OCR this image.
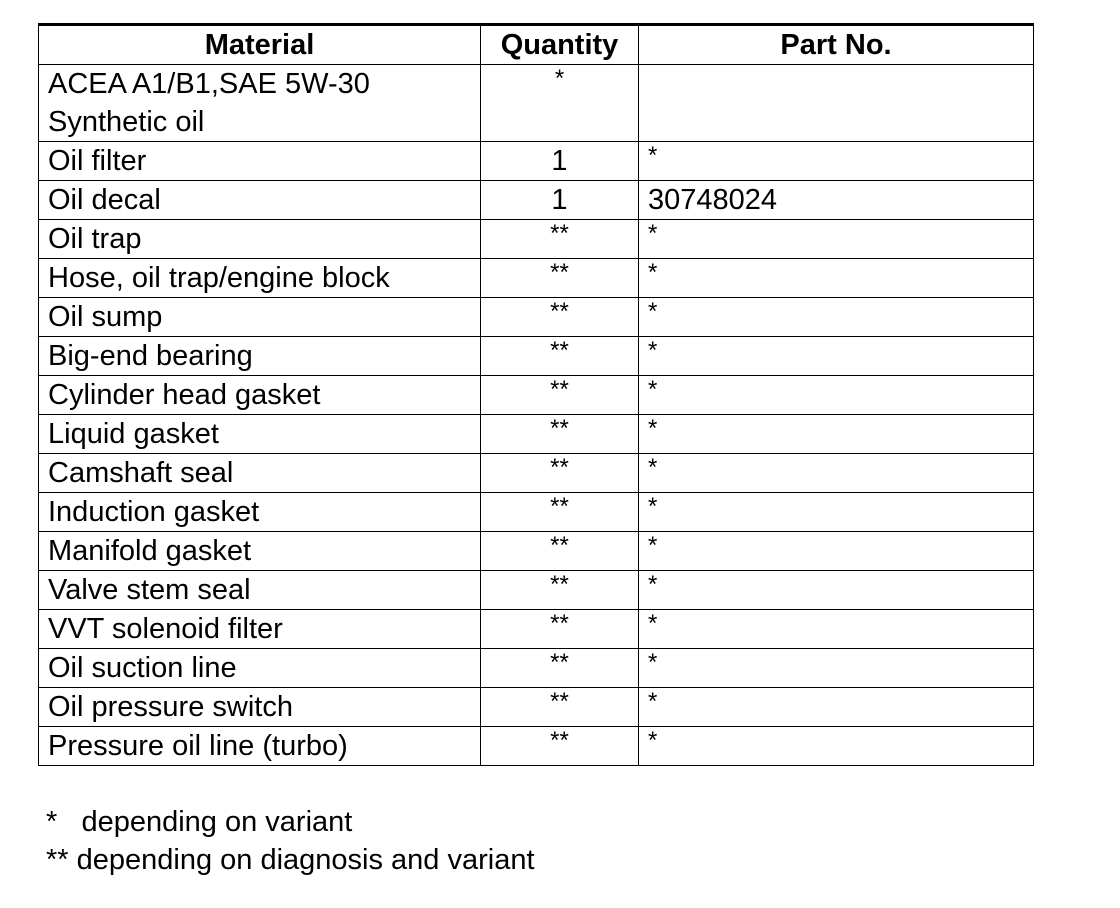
Material	Quantity	Part No.
ACEA A1/B1,SAE 5W-30 Synthetic oil	*	
Oil filter	1	*
Oil decal	1	30748024
Oil trap	**	*
Hose, oil trap/engine block	**	*
Oil sump	**	*
Big-end bearing	**	*
Cylinder head gasket	**	*
Liquid gasket	**	*
Camshaft seal	**	*
Induction gasket	**	*
Manifold gasket	**	*
Valve stem seal	**	*
VVT solenoid filter	**	*
Oil suction line	**	*
Oil pressure switch	**	*
Pressure oil line (turbo)	**	*
*   depending on variant
** depending on diagnosis and variant
